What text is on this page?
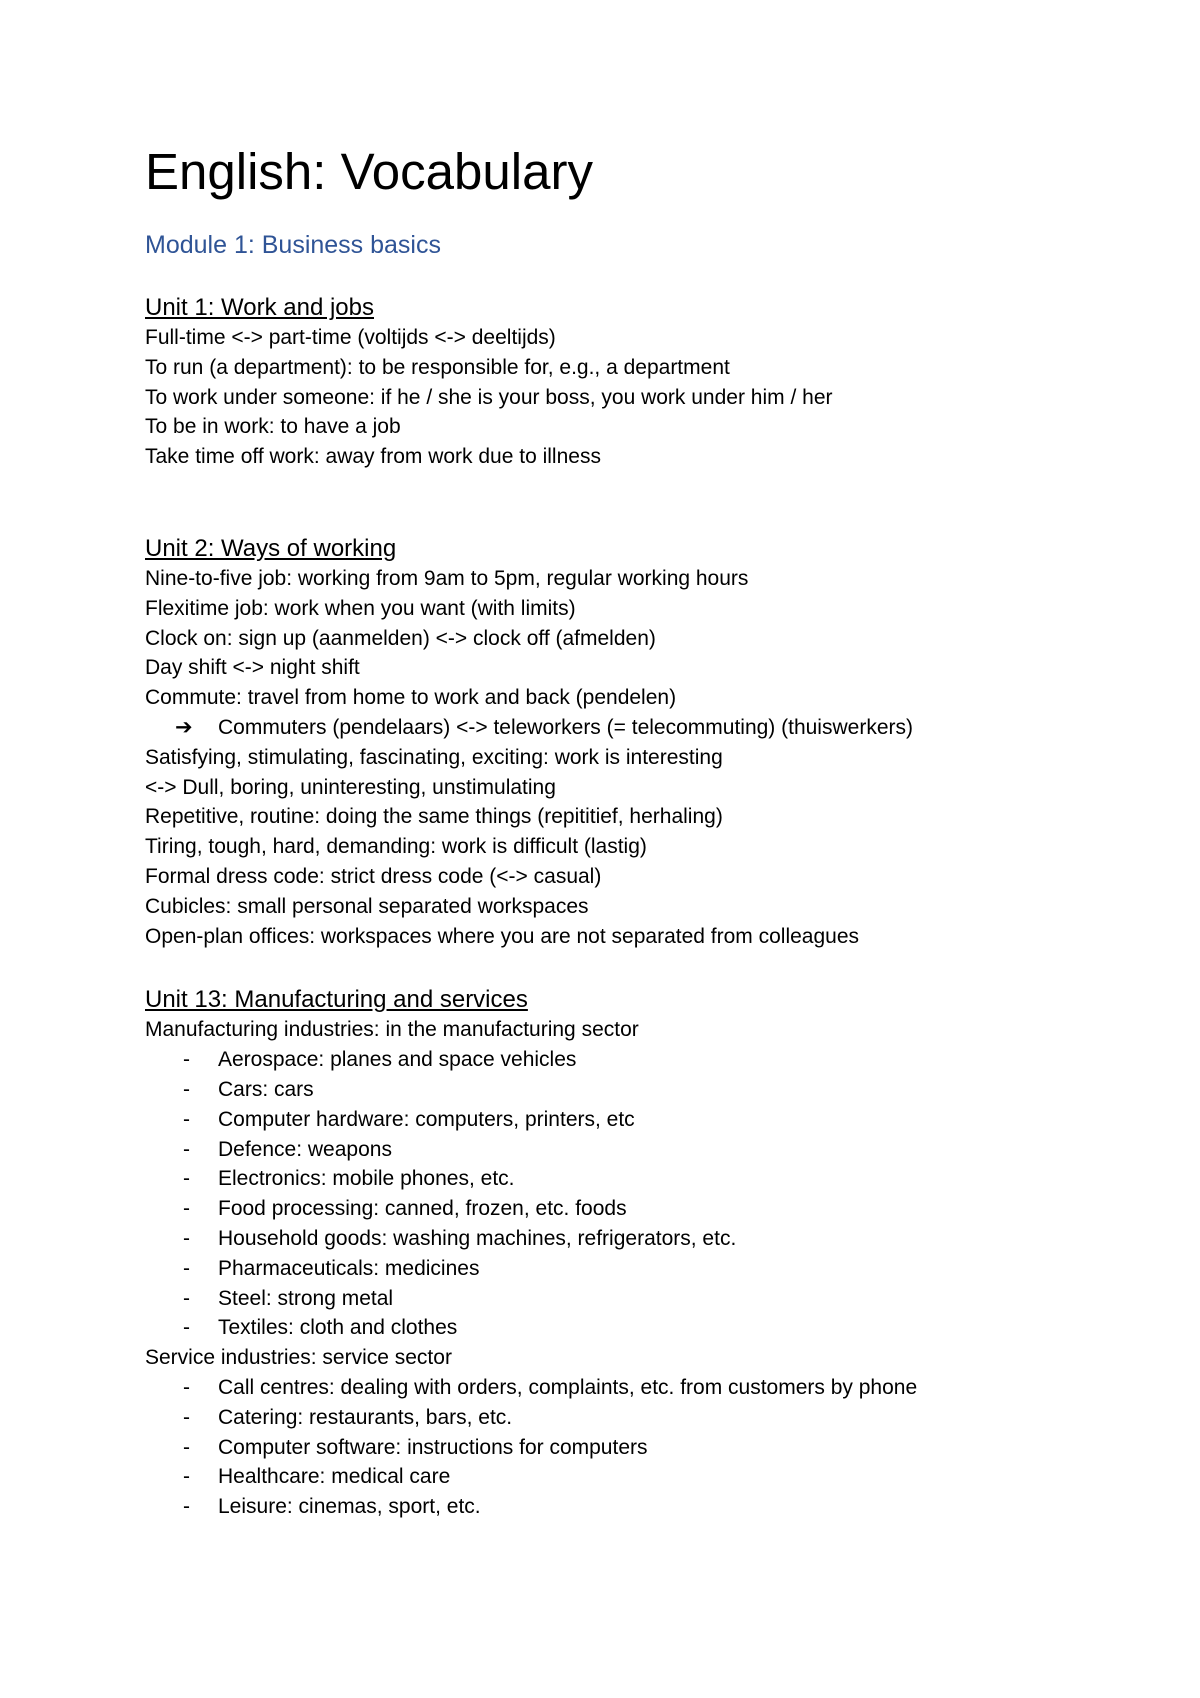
English: Vocabulary
Module 1: Business basics
Unit 1: Work and jobs
Full-time <-> part-time (voltijds <-> deeltijds)
To run (a department): to be responsible for, e.g., a department
To work under someone: if he / she is your boss, you work under him / her
To be in work: to have a job
Take time off work: away from work due to illness
Unit 2: Ways of working
Nine-to-five job: working from 9am to 5pm, regular working hours
Flexitime job: work when you want (with limits)
Clock on: sign up (aanmelden) <-> clock off (afmelden)
Day shift <-> night shift
Commute: travel from home to work and back (pendelen)
➔ Commuters (pendelaars) <-> teleworkers (= telecommuting) (thuiswerkers)
Satisfying, stimulating, fascinating, exciting: work is interesting
<-> Dull, boring, uninteresting, unstimulating
Repetitive, routine: doing the same things (repititief, herhaling)
Tiring, tough, hard, demanding: work is difficult (lastig)
Formal dress code: strict dress code (<-> casual)
Cubicles: small personal separated workspaces
Open-plan offices: workspaces where you are not separated from colleagues
Unit 13: Manufacturing and services
Manufacturing industries: in the manufacturing sector
- Aerospace: planes and space vehicles
- Cars: cars
- Computer hardware: computers, printers, etc
- Defence: weapons
- Electronics: mobile phones, etc.
- Food processing: canned, frozen, etc. foods
- Household goods: washing machines, refrigerators, etc.
- Pharmaceuticals: medicines
- Steel: strong metal
- Textiles: cloth and clothes
Service industries: service sector
- Call centres: dealing with orders, complaints, etc. from customers by phone
- Catering: restaurants, bars, etc.
- Computer software: instructions for computers
- Healthcare: medical care
- Leisure: cinemas, sport, etc.
